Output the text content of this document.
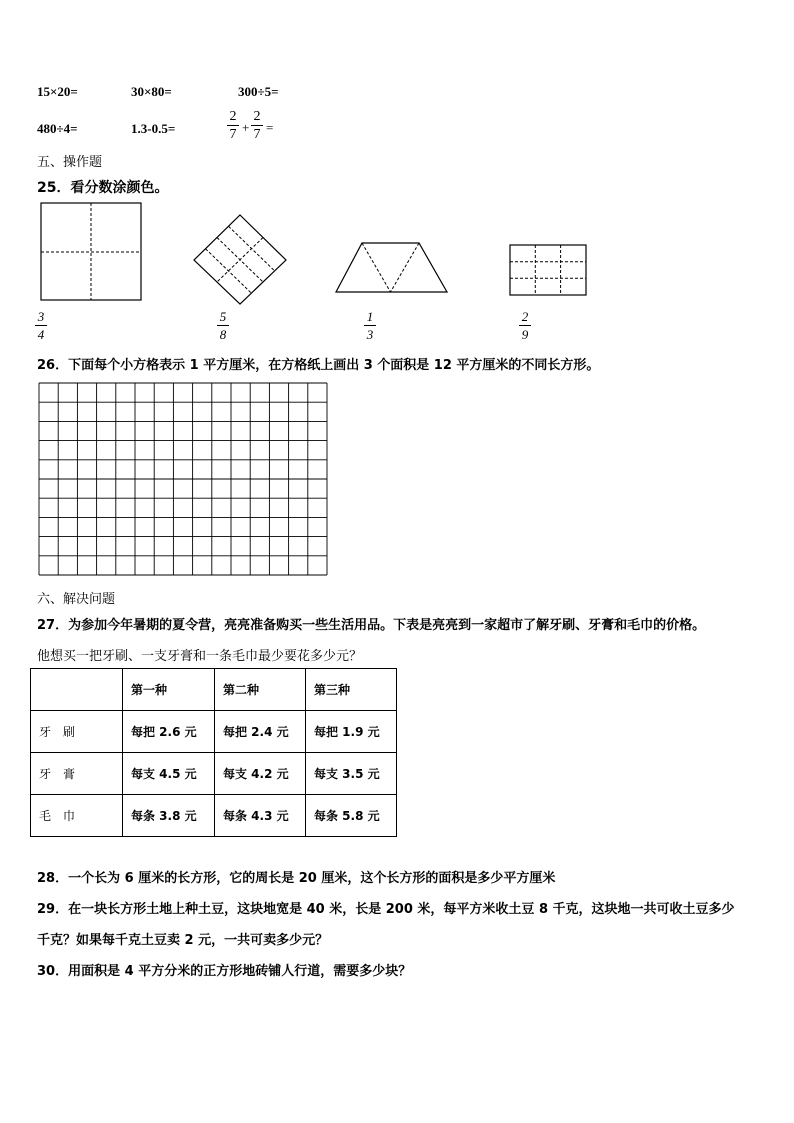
15×20=	30×80=	300÷5=
480÷4=	1.3-0.5=
2
7 +
2
7 =
五、操作题
25．看分数涂颜色。
3
4
5
8
1
3
2
9
26．下面每个小方格表示 1 平方厘米，在方格纸上画出 3 个面积是 12 平方厘米的不同长方形。
六、解决问题
27．为参加今年暑期的夏令营，亮亮准备购买一些生活用品。下表是亮亮到一家超市了解牙刷、牙膏和毛巾的价格。
他想买一把牙刷、一支牙膏和一条毛巾最少要花多少元？
	第一种	第二种	第三种
牙　刷	每把 2.6 元	每把 2.4 元	每把 1.9 元
牙　膏	每支 4.5 元	每支 4.2 元	每支 3.5 元
毛　巾	每条 3.8 元	每条 4.3 元	每条 5.8 元
28．一个长为 6 厘米的长方形，它的周长是 20 厘米，这个长方形的面积是多少平方厘米
29．在一块长方形土地上种土豆，这块地宽是 40 米，长是 200 米，每平方米收土豆 8 千克，这块地一共可收土豆多少
千克？如果每千克土豆卖 2 元，一共可卖多少元？
30．用面积是 4 平方分米的正方形地砖铺人行道，需要多少块？
